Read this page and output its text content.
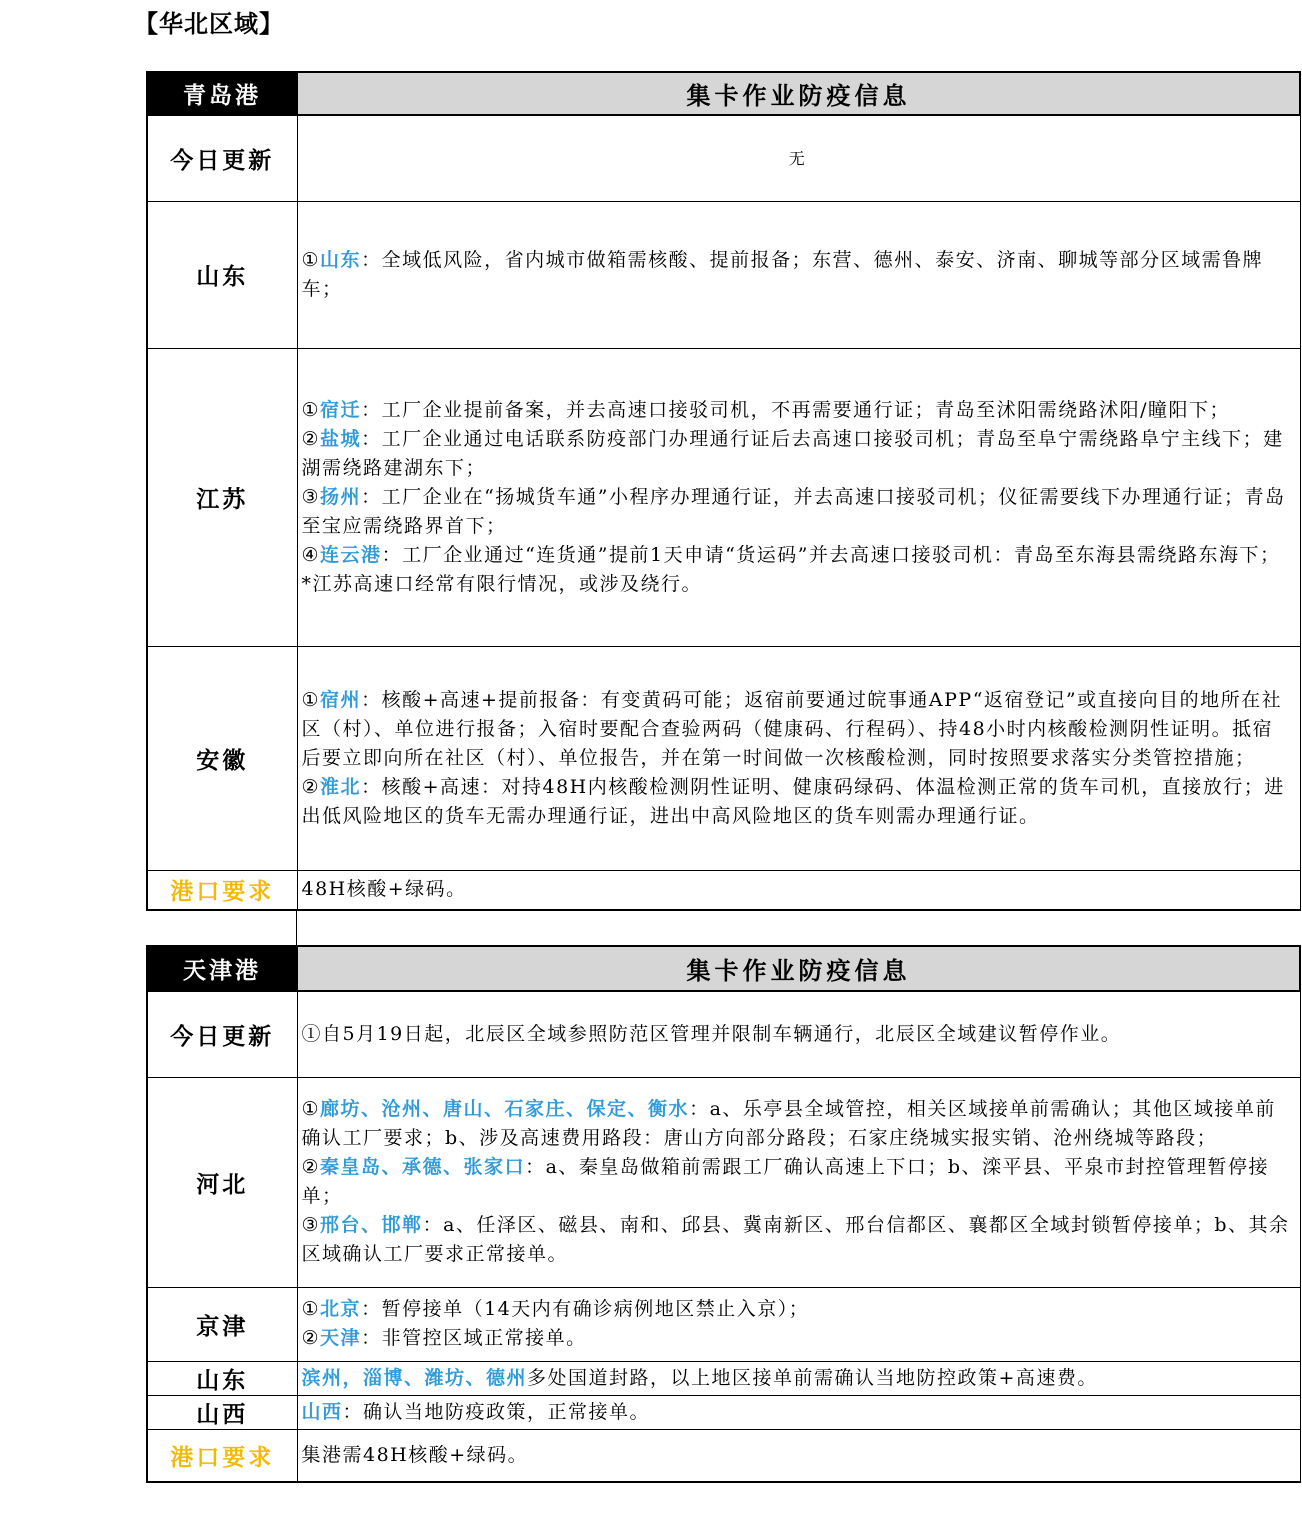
【华北区域】
青岛港	集卡作业防疫信息
今日更新	无
山东	①山东：全域低风险，省内城市做箱需核酸、提前报备；东营、德州、泰安、济南、聊城等部分区域需鲁牌车；
江苏	①宿迁：工厂企业提前备案，并去高速口接驳司机，不再需要通行证；青岛至沭阳需绕路沭阳/瞳阳下；
②盐城：工厂企业通过电话联系防疫部门办理通行证后去高速口接驳司机；青岛至阜宁需绕路阜宁主线下；建湖需绕路建湖东下；
③扬州：工厂企业在“扬城货车通”小程序办理通行证，并去高速口接驳司机；仪征需要线下办理通行证；青岛至宝应需绕路界首下；
④连云港：工厂企业通过“连货通”提前1天申请“货运码”并去高速口接驳司机：青岛至东海县需绕路东海下；
*江苏高速口经常有限行情况，或涉及绕行。

安徽	①宿州：核酸+高速+提前报备：有变黄码可能；返宿前要通过皖事通APP“返宿登记”或直接向目的地所在社区（村）、单位进行报备；入宿时要配合查验两码（健康码、行程码）、持48小时内核酸检测阴性证明。抵宿后要立即向所在社区（村）、单位报告，并在第一时间做一次核酸检测，同时按照要求落实分类管控措施；
②淮北：核酸+高速：对持48H内核酸检测阴性证明、健康码绿码、体温检测正常的货车司机，直接放行；进出低风险地区的货车无需办理通行证，进出中高风险地区的货车则需办理通行证。

港口要求	48H核酸+绿码。
天津港	集卡作业防疫信息
今日更新	①自5月19日起，北辰区全域参照防范区管理并限制车辆通行，北辰区全域建议暂停作业。
河北	①廊坊、沧州、唐山、石家庄、保定、衡水：a、乐亭县全域管控，相关区域接单前需确认；其他区域接单前确认工厂要求；b、涉及高速费用路段：唐山方向部分路段；石家庄绕城实报实销、沧州绕城等路段；
②秦皇岛、承德、张家口：a、秦皇岛做箱前需跟工厂确认高速上下口；b、滦平县、平泉市封控管理暂停接单；
③邢台、邯郸：a、任泽区、磁县、南和、邱县、冀南新区、邢台信都区、襄都区全域封锁暂停接单；b、其余区域确认工厂要求正常接单。

京津	①北京：暂停接单（14天内有确诊病例地区禁止入京）；
②天津：非管控区域正常接单。

山东	滨州，淄博、潍坊、德州多处国道封路，以上地区接单前需确认当地防控政策+高速费。
山西	山西：确认当地防疫政策，正常接单。
港口要求	集港需48H核酸+绿码。
